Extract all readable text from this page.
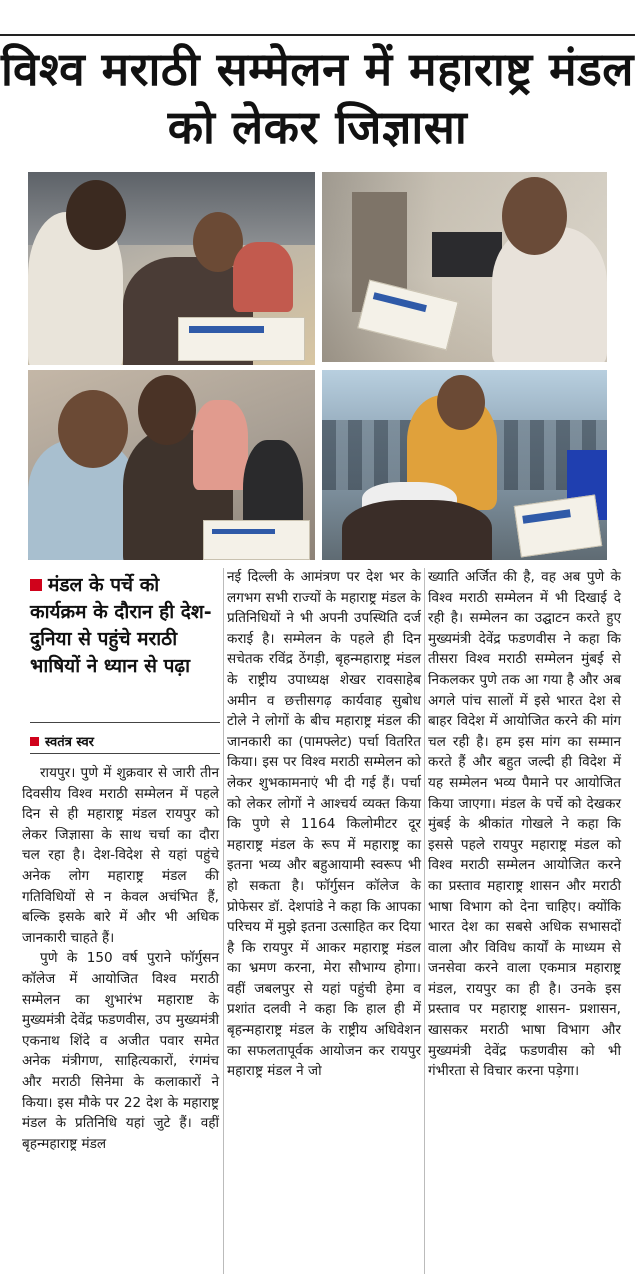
विश्व मराठी सम्मेलन में महाराष्ट्र मंडल
को लेकर जिज्ञासा
मंडल के पर्चे को कार्यक्रम के दौरान ही देश- दुनिया से पहुंचे मराठी भाषियों ने ध्यान से पढ़ा
स्वतंत्र स्वर

रायपुर। पुणे में शुक्रवार से जारी तीन दिवसीय विश्व मराठी सम्मेलन में पहले दिन से ही महाराष्ट्र मंडल रायपुर को लेकर जिज्ञासा के साथ चर्चा का दौरा चल रहा है। देश-विदेश से यहां पहुंचे अनेक लोग महाराष्ट्र मंडल की गतिविधियों से न केवल अचंभित हैं, बल्कि इसके बारे में और भी अधिक जानकारी चाहते हैं।

पुणे के 150 वर्ष पुराने फॉर्गुसन कॉलेज में आयोजित विश्व मराठी सम्मेलन का शुभारंभ महाराष्ट के मुख्यमंत्री देवेंद्र फडणवीस, उप मुख्यमंत्री एकनाथ शिंदे व अजीत पवार समेत अनेक मंत्रीगण, साहित्यकारों, रंगमंच और मराठी सिनेमा के कलाकारों ने किया। इस मौके पर 22 देश के महाराष्ट्र मंडल के प्रतिनिधि यहां जुटे हैं। वहीं बृहन्महाराष्ट्र मंडल

नई दिल्ली के आमंत्रण पर देश भर के लगभग सभी राज्यों के महाराष्ट्र मंडल के प्रतिनिधियों ने भी अपनी उपस्थिति दर्ज कराई है। सम्मेलन के पहले ही दिन सचेतक रविंद्र ठेंगड़ी, बृहन्महाराष्ट्र मंडल के राष्ट्रीय उपाध्यक्ष शेखर रावसाहेब अमीन व छत्तीसगढ़ कार्यवाह सुबोध टोले ने लोगों के बीच महाराष्ट्र मंडल की जानकारी का (पामफ्लेट) पर्चा वितरित किया। इस पर विश्व मराठी सम्मेलन को लेकर शुभकामनाएं भी दी गई हैं। पर्चा को लेकर लोगों ने आश्चर्य व्यक्त किया कि पुणे से 1164 किलोमीटर दूर महाराष्ट्र मंडल के रूप में महाराष्ट्र का इतना भव्य और बहुआयामी स्वरूप भी हो सकता है। फॉर्गुसन कॉलेज के प्रोफेसर डॉ. देशपांडे ने कहा कि आपका परिचय में मुझे इतना उत्साहित कर दिया है कि रायपुर में आकर महाराष्ट्र मंडल का भ्रमण करना, मेरा सौभाग्य होगा। वहीं जबलपुर से यहां पहुंची हेमा व प्रशांत दलवी ने कहा कि हाल ही में बृहन्महाराष्ट्र मंडल के राष्ट्रीय अधिवेशन का सफलतापूर्वक आयोजन कर रायपुर महाराष्ट्र मंडल ने जो

ख्याति अर्जित की है, वह अब पुणे के विश्व मराठी सम्मेलन में भी दिखाई दे रही है। सम्मेलन का उद्घाटन करते हुए मुख्यमंत्री देवेंद्र फडणवीस ने कहा कि तीसरा विश्व मराठी सम्मेलन मुंबई से निकलकर पुणे तक आ गया है और अब अगले पांच सालों में इसे भारत देश से बाहर विदेश में आयोजित करने की मांग चल रही है। हम इस मांग का सम्मान करते हैं और बहुत जल्दी ही विदेश में यह सम्मेलन भव्य पैमाने पर आयोजित किया जाएगा। मंडल के पर्चे को देखकर मुंबई के श्रीकांत गोखले ने कहा कि इससे पहले रायपुर महाराष्ट्र मंडल को विश्व मराठी सम्मेलन आयोजित करने का प्रस्ताव महाराष्ट्र शासन और मराठी भाषा विभाग को देना चाहिए। क्योंकि भारत देश का सबसे अधिक सभासदों वाला और विविध कार्यों के माध्यम से जनसेवा करने वाला एकमात्र महाराष्ट्र मंडल, रायपुर का ही है। उनके इस प्रस्ताव पर महाराष्ट्र शासन- प्रशासन, खासकर मराठी भाषा विभाग और मुख्यमंत्री देवेंद्र फडणवीस को भी गंभीरता से विचार करना पड़ेगा।
